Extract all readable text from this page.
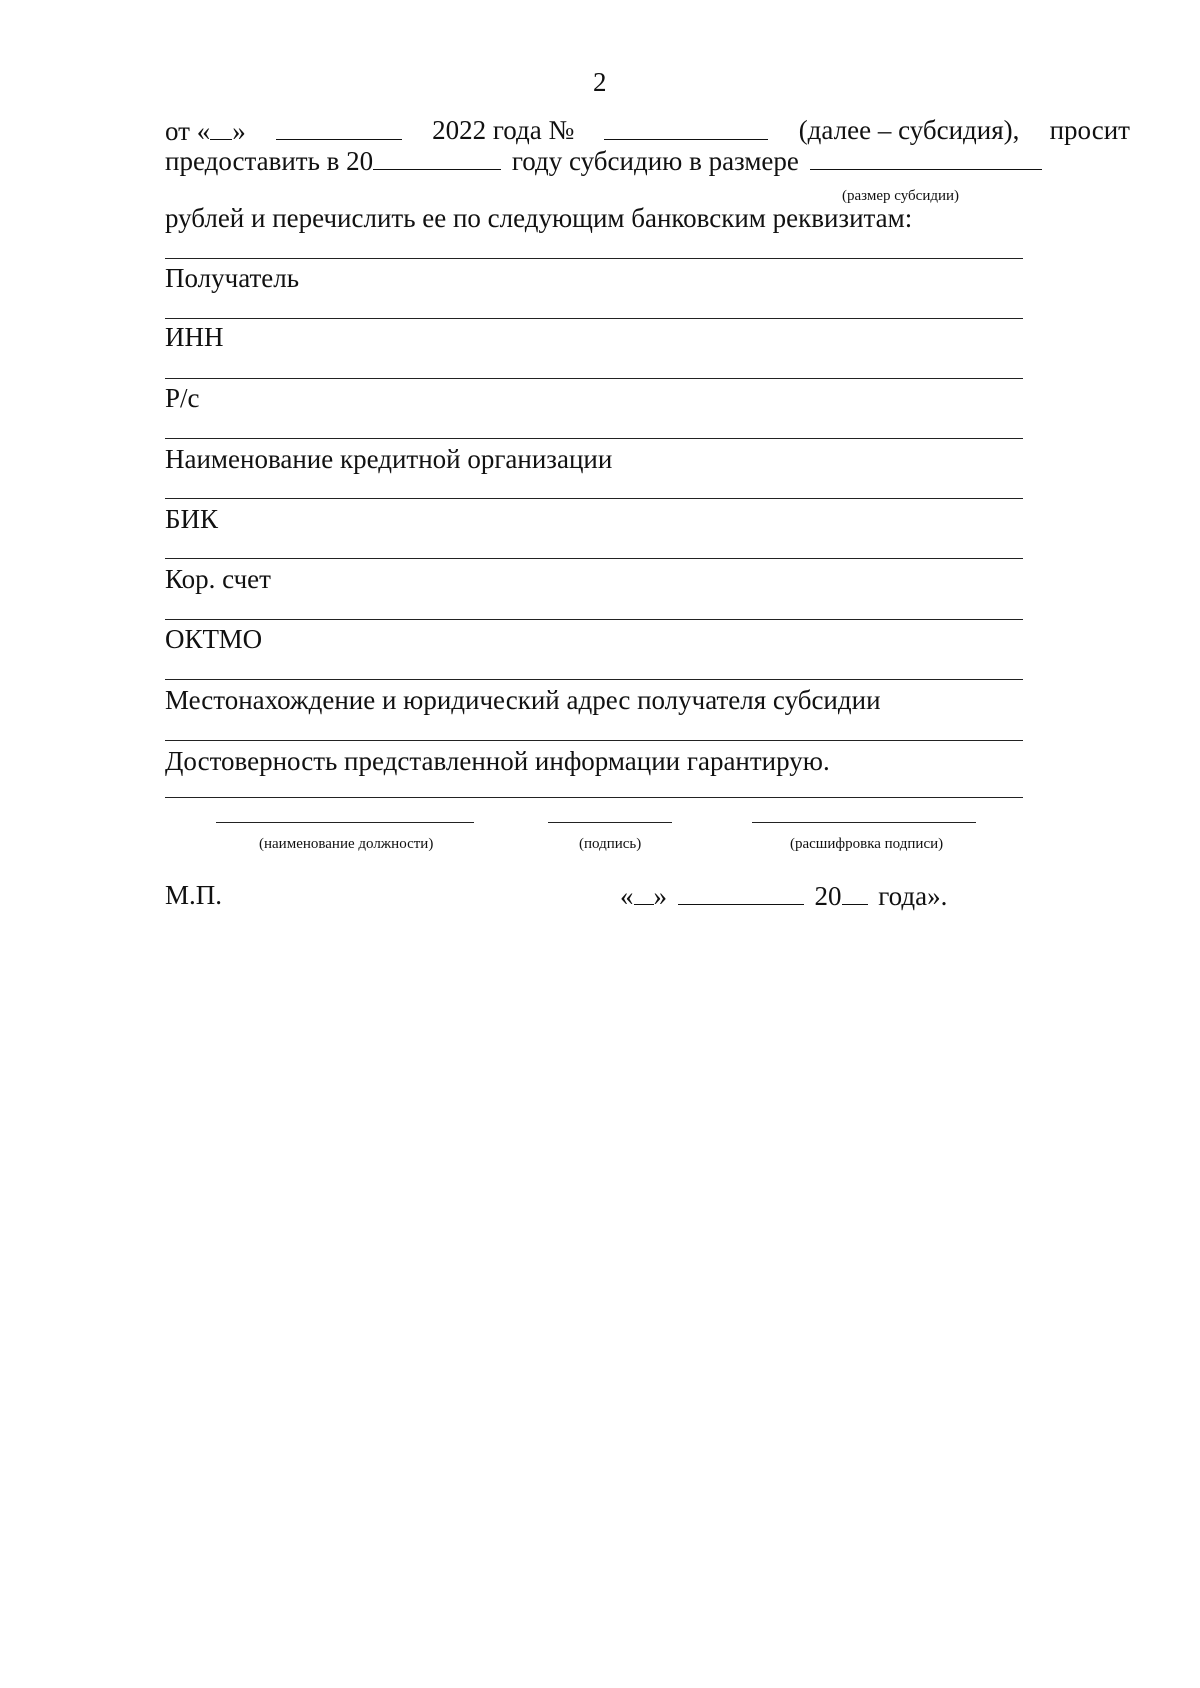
2
от « »	2022 года №	(далее – субсидия), просит
предоставить в 20	году субсидию в размере
(размер субсидии)
рублей и перечислить ее по следующим банковским реквизитам:
Получатель
ИНН
Р/с
Наименование кредитной организации
БИК
Кор. счет
ОКТМО
Местонахождение и юридический адрес получателя субсидии
Достоверность представленной информации гарантирую.
(наименование должности)	(подпись)	(расшифровка подписи)
М.П.	« »	20 года».
